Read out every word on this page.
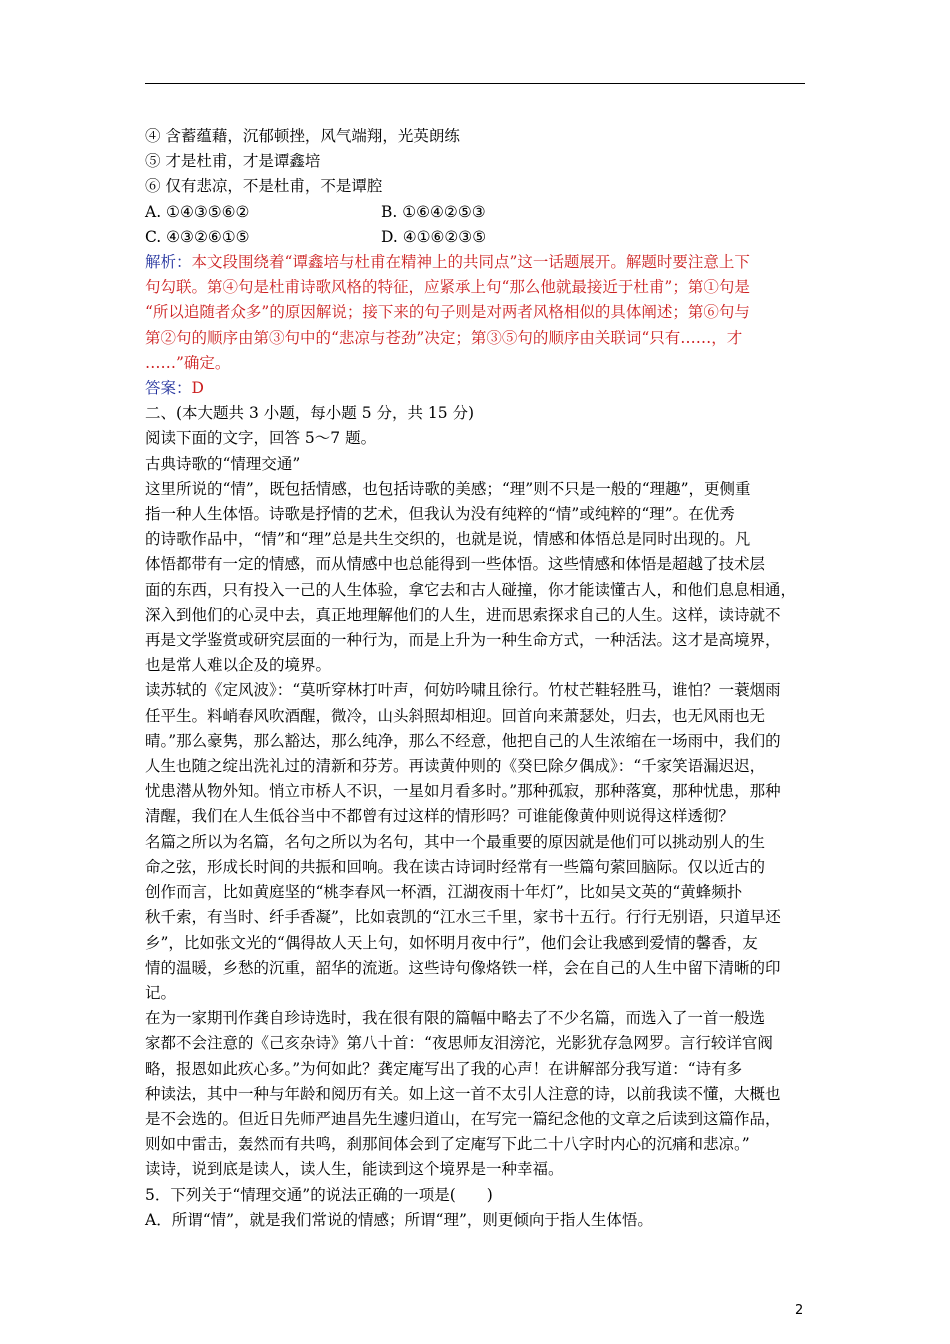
④ 含蓄蕴藉，沉郁顿挫，风气端翔，光英朗练

⑤ 才是杜甫，才是谭鑫培

⑥ 仅有悲凉，不是杜甫，不是谭腔

A. ①④③⑤⑥②	B. ①⑥④②⑤③
C. ④③②⑥①⑤	D. ④①⑥②③⑤

解析：本文段围绕着“谭鑫培与杜甫在精神上的共同点”这一话题展开。解题时要注意上下

句勾联。第④句是杜甫诗歌风格的特征，应紧承上句“那么他就最接近于杜甫”；第①句是

“所以追随者众多”的原因解说；接下来的句子则是对两者风格相似的具体阐述；第⑥句与

第②句的顺序由第③句中的“悲凉与苍劲”决定；第③⑤句的顺序由关联词“只有……，才

……”确定。

答案：D

二、(本大题共 3 小题，每小题 5 分，共 15 分)

阅读下面的文字，回答 5～7 题。

古典诗歌的“情理交通”

这里所说的“情”，既包括情感，也包括诗歌的美感；“理”则不只是一般的“理趣”，更侧重

指一种人生体悟。诗歌是抒情的艺术，但我认为没有纯粹的“情”或纯粹的“理”。在优秀

的诗歌作品中，“情”和“理”总是共生交织的，也就是说，情感和体悟总是同时出现的。凡

体悟都带有一定的情感，而从情感中也总能得到一些体悟。这些情感和体悟是超越了技术层

面的东西，只有投入一己的人生体验，拿它去和古人碰撞，你才能读懂古人，和他们息息相通，

深入到他们的心灵中去，真正地理解他们的人生，进而思索探求自己的人生。这样，读诗就不

再是文学鉴赏或研究层面的一种行为，而是上升为一种生命方式，一种活法。这才是高境界，

也是常人难以企及的境界。

读苏轼的《定风波》：“莫听穿林打叶声，何妨吟啸且徐行。竹杖芒鞋轻胜马，谁怕？一蓑烟雨

任平生。料峭春风吹酒醒，微冷，山头斜照却相迎。回首向来萧瑟处，归去，也无风雨也无

晴。”那么豪隽，那么豁达，那么纯净，那么不经意，他把自己的人生浓缩在一场雨中，我们的

人生也随之绽出洗礼过的清新和芬芳。再读黄仲则的《癸巳除夕偶成》：“千家笑语漏迟迟，

忧患潜从物外知。悄立市桥人不识，一星如月看多时。”那种孤寂，那种落寞，那种忧患，那种

清醒，我们在人生低谷当中不都曾有过这样的情形吗？可谁能像黄仲则说得这样透彻？

名篇之所以为名篇，名句之所以为名句，其中一个最重要的原因就是他们可以挑动别人的生

命之弦，形成长时间的共振和回响。我在读古诗词时经常有一些篇句萦回脑际。仅以近古的

创作而言，比如黄庭坚的“桃李春风一杯酒，江湖夜雨十年灯”，比如吴文英的“黄蜂频扑

秋千索，有当时、纤手香凝”，比如袁凯的“江水三千里，家书十五行。行行无别语，只道早还

乡”，比如张文光的“偶得故人天上句，如怀明月夜中行”，他们会让我感到爱情的馨香，友

情的温暖，乡愁的沉重，韶华的流逝。这些诗句像烙铁一样，会在自己的人生中留下清晰的印

记。

在为一家期刊作龚自珍诗选时，我在很有限的篇幅中略去了不少名篇，而选入了一首一般选

家都不会注意的《己亥杂诗》第八十首：“夜思师友泪滂沱，光影犹存急网罗。言行较详官阀

略，报恩如此疚心多。”为何如此？龚定庵写出了我的心声！在讲解部分我写道：“诗有多

种读法，其中一种与年龄和阅历有关。如上这一首不太引人注意的诗，以前我读不懂，大概也

是不会选的。但近日先师严迪昌先生遽归道山，在写完一篇纪念他的文章之后读到这篇作品，

则如中雷击，轰然而有共鸣，刹那间体会到了定庵写下此二十八字时内心的沉痛和悲凉。”

读诗，说到底是读人，读人生，能读到这个境界是一种幸福。

5．下列关于“情理交通”的说法正确的一项是(　　)

A．所谓“情”，就是我们常说的情感；所谓“理”，则更倾向于指人生体悟。

2
